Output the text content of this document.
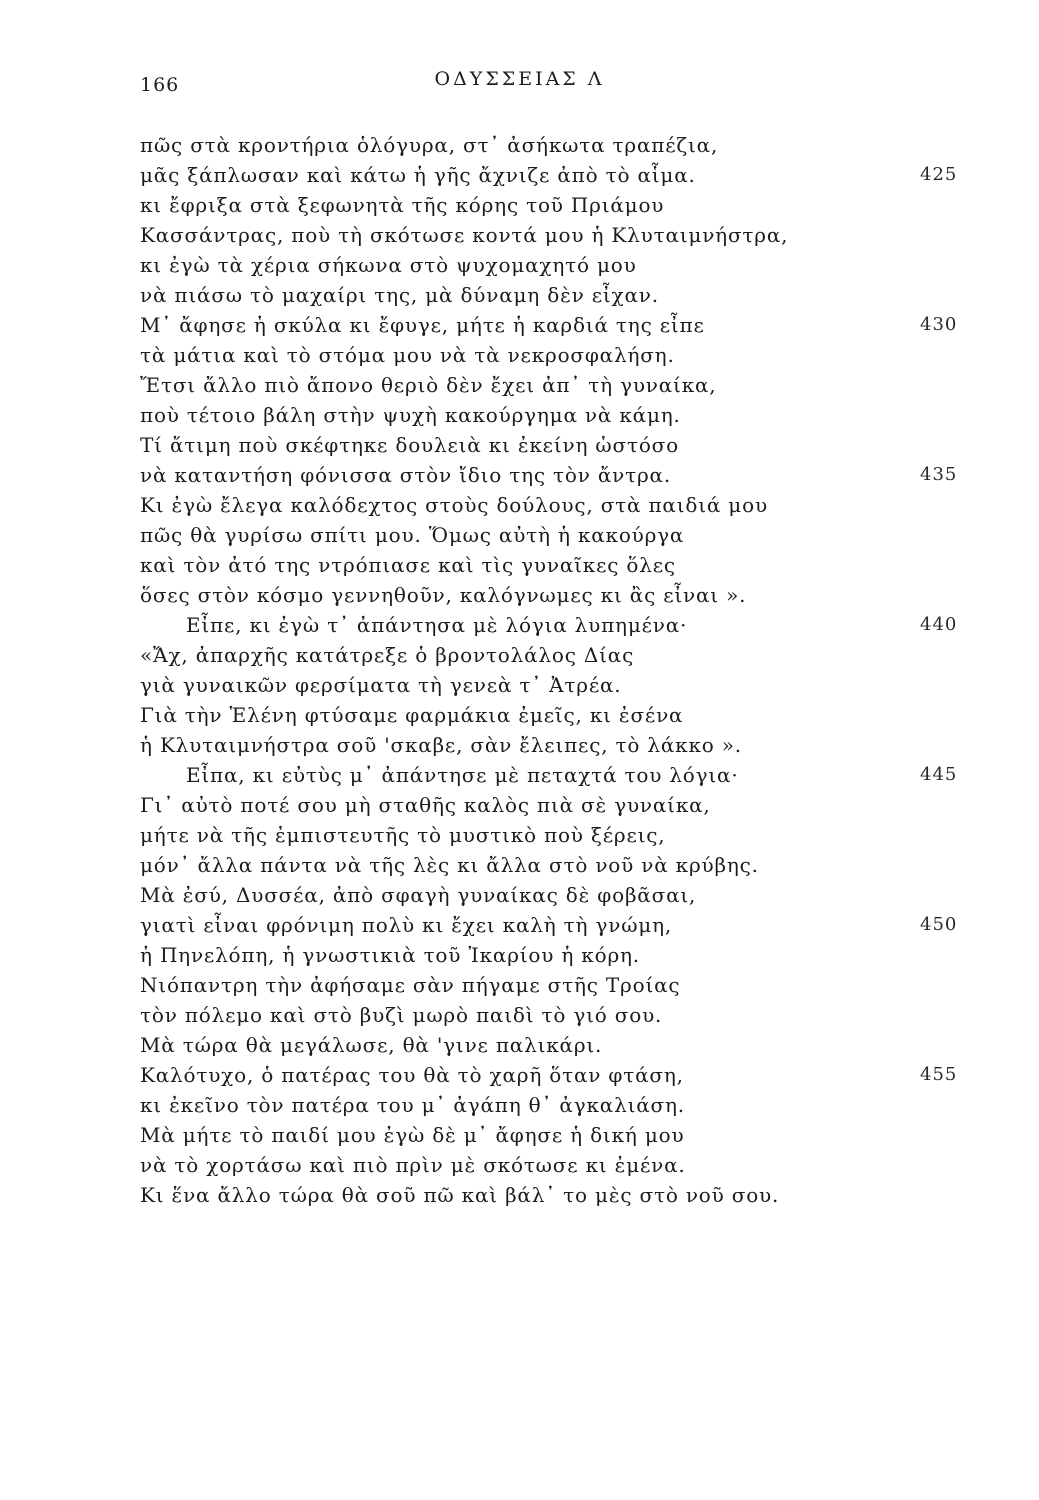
166	ΟΔΥΣΣΕΙΑΣ Λ
πῶς στὰ κροντήρια ὁλόγυρα, στ᾽ ἀσήκωτα τραπέζια,
μᾶς ξάπλωσαν καὶ κάτω ἡ γῆς ἄχνιζε ἀπὸ τὸ αἷμα.	425
κι ἔφριξα στὰ ξεφωνητὰ τῆς κόρης τοῦ Πριάμου
Κασσάντρας, ποὺ τὴ σκότωσε κοντά μου ἡ Κλυταιμνήστρα,
κι ἐγὼ τὰ χέρια σήκωνα στὸ ψυχομαχητό μου
νὰ πιάσω τὸ μαχαίρι της, μὰ δύναμη δὲν εἶχαν.
Μ᾽ ἄφησε ἡ σκύλα κι ἔφυγε, μήτε ἡ καρδιά της εἶπε	430
τὰ μάτια καὶ τὸ στόμα μου νὰ τὰ νεκροσφαλήση.
Ἔτσι ἄλλο πιὸ ἄπονο θεριὸ δὲν ἔχει ἀπ᾽ τὴ γυναίκα,
ποὺ τέτοιο βάλη στὴν ψυχὴ κακούργημα νὰ κάμη.
Τί ἄτιμη ποὺ σκέφτηκε δουλειὰ κι ἐκείνη ὡστόσο
νὰ καταντήση φόνισσα στὸν ἴδιο της τὸν ἄντρα.	435
Κι ἐγὼ ἔλεγα καλόδεχτος στοὺς δούλους, στὰ παιδιά μου
πῶς θὰ γυρίσω σπίτι μου. Ὅμως αὐτὴ ἡ κακούργα
καὶ τὸν ἀτό της ντρόπιασε καὶ τὶς γυναῖκες ὅλες
ὅσες στὸν κόσμο γεννηθοῦν, καλόγνωμες κι ἂς εἶναι ».
Εἶπε, κι ἐγὼ τ᾽ ἀπάντησα μὲ λόγια λυπημένα·	440
«Ἄχ, ἀπαρχῆς κατάτρεξε ὁ βροντολάλος Δίας
γιὰ γυναικῶν φερσίματα τὴ γενεὰ τ᾽ Ἀτρέα.
Γιὰ τὴν Ἑλένη φτύσαμε φαρμάκια ἐμεῖς, κι ἐσένα
ἡ Κλυταιμνήστρα σοῦ 'σκαβε, σὰν ἔλειπες, τὸ λάκκο ».
Εἶπα, κι εὐτὺς μ᾽ ἀπάντησε μὲ πεταχτά του λόγια·	445
Γι᾽ αὐτὸ ποτέ σου μὴ σταθῆς καλὸς πιὰ σὲ γυναίκα,
μήτε νὰ τῆς ἐμπιστευτῆς τὸ μυστικὸ ποὺ ξέρεις,
μόν᾽ ἄλλα πάντα νὰ τῆς λὲς κι ἄλλα στὸ νοῦ νὰ κρύβης.
Μὰ ἐσύ, Δυσσέα, ἀπὸ σφαγὴ γυναίκας δὲ φοβᾶσαι,
γιατὶ εἶναι φρόνιμη πολὺ κι ἔχει καλὴ τὴ γνώμη,	450
ἡ Πηνελόπη, ἡ γνωστικιὰ τοῦ Ἰκαρίου ἡ κόρη.
Νιόπαντρη τὴν ἀφήσαμε σὰν πήγαμε στῆς Τροίας
τὸν πόλεμο καὶ στὸ βυζὶ μωρὸ παιδὶ τὸ γιό σου.
Μὰ τώρα θὰ μεγάλωσε, θὰ 'γινε παλικάρι.
Καλότυχο, ὁ πατέρας του θὰ τὸ χαρῆ ὅταν φτάση,	455
κι ἐκεῖνο τὸν πατέρα του μ᾽ ἀγάπη θ᾽ ἀγκαλιάση.
Μὰ μήτε τὸ παιδί μου ἐγὼ δὲ μ᾽ ἄφησε ἡ δική μου
νὰ τὸ χορτάσω καὶ πιὸ πρὶν μὲ σκότωσε κι ἐμένα.
Κι ἕνα ἄλλο τώρα θὰ σοῦ πῶ καὶ βάλ᾽ το μὲς στὸ νοῦ σου.
